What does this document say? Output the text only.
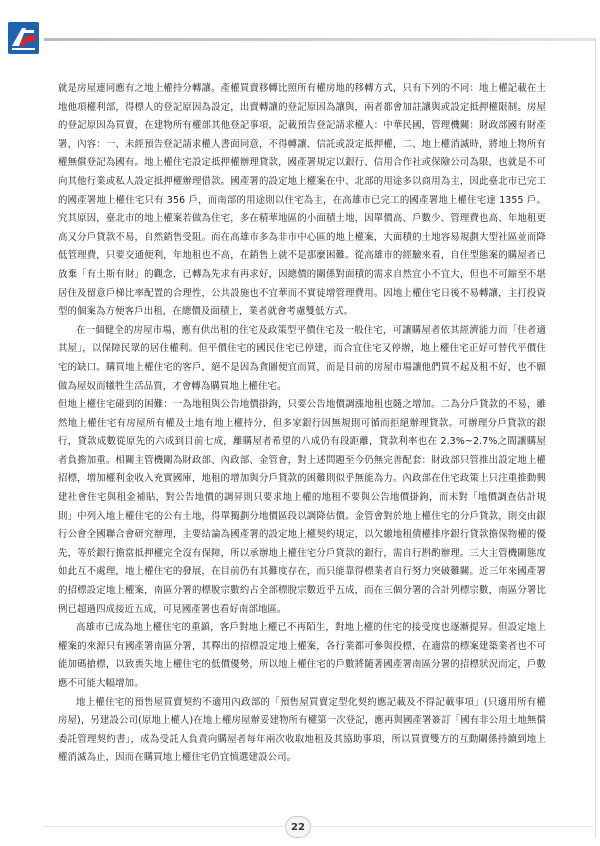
就是房屋連同應有之地上權持分轉讓。產權買賣移轉比照所有權房地的移轉方式，只有下列的不同：地上權記載在土地他項權利部，得標人的登記原因為設定，出賣轉讓的登記原因為讓與，兩者都會加註讓與或設定抵押權限制。房屋的登記原因為買賣，在建物所有權部其他登記事項，記載預告登記請求權人：中華民國，管理機關：財政部國有財產署，內容：一、未經預告登記請求權人書面同意，不得轉讓、信託或設定抵押權，二、地上權消滅時，將地上物所有權無償登記為國有。地上權住宅設定抵押權辦理貸款，國產署規定以銀行、信用合作社或保險公司為限，也就是不可向其他行業或私人設定抵押權辦理借款。國產署的設定地上權案在中、北部的用途多以商用為主，因此臺北市已完工的國產署地上權住宅只有 356 戶，而南部的用途則以住宅為主，在高雄市已完工的國產署地上權住宅達 1355 戶。究其原因，臺北市的地上權案若做為住宅，多在精華地區的小面積土地，因單價高、戶數少、管理費也高、年地租更高又分戶貸款不易，自然銷售受阻。而在高雄市多為非市中心區的地上權案，大面積的土地容易規劃大型社區並而降低管理費，只要交通便利，年地租也不高，在銷售上就不是那麼困難。從高雄市的經驗來看，自住型態案的購屋者已放棄「有土斯有財」的觀念，已轉為先求有再求好，因總價的關係對面積的需求自然宜小不宜大，但也不可縮至不堪居住及留意戶梯比率配置的合理性，公共設施也不宜華而不實徒增管理費用。因地上權住宅日後不易轉讓，主打投資型的個案為方便客戶出租，在總價及面積上，業者就會考慮雙低方式。

在一個健全的房屋市場，應有供出租的住宅及政策型平價住宅及一般住宅，可讓購屋者依其經濟能力而「住者適其屋」，以保障民眾的居住權利。但平價住宅的國民住宅已停建，而合宜住宅又停辦，地上權住宅正好可替代平價住宅的缺口。購買地上權住宅的客戶，絕不是因為貪圖便宜而買，而是目前的房屋市場讓他們買不起及租不好，也不願做為屋奴而犧牲生活品質，才會轉為購買地上權住宅。

但地上權住宅碰到的困難：一為地租與公告地價掛鉤，只要公告地價調漲地租也隨之增加。二為分戶貸款的不易，雖然地上權住宅有房屋所有權及土地有地上權持分，但多家銀行因無規則可循而拒絕辦理貸款。可辦理分戶貸款的銀行，貸款成數從原先的六成到目前七成，離購屋者希望的八成仍有段距離，貸款利率也在 2.3%~2.7%之間讓購屋者負擔加重。相關主管機關為財政部、內政部、金管會，對上述問題至今仍無完善配套：財政部只管推出設定地上權招標，增加權利金收入充實國庫，地租的增加與分戶貸款的困難則似乎無能為力。內政部在住宅政策上只注重推動興建社會住宅與租金補貼，對公告地價的調昇則只要求地上權的地租不要與公告地價掛鉤，而未對「地價調查估計規則」中列入地上權住宅的公有土地，得單獨劃分地價區段以調降估價。金管會對於地上權住宅的分戶貸款，則交由銀行公會全國聯合會研究辦理，主要結論為國產署的設定地上權契約規定，以欠繳地租債權排序銀行貸款擔保物權的優先，等於銀行擔當抵押權完全沒有保障，所以承辦地上權住宅分戶貸款的銀行，需自行斟酌辦理。三大主管機關態度如此互不處理，地上權住宅的發展，在目前仍有其難度存在，而只能靠得標業者自行努力突破難關。近三年來國產署的招標設定地上權案，南區分署的標脫宗數約占全部標脫宗數近乎五成，而在三個分署的合計列標宗數，南區分署比例已超過四成接近五成，可見國產署也看好南部地區。

高雄市已成為地上權住宅的重鎮，客戶對地上權已不再陌生，對地上權的住宅的接受度也逐漸提昇。但設定地上權案的來源只有國產署南區分署，其釋出的招標設定地上權案，各行業都可參與投標，在適當的標案建築業者也不可能加碼搶標，以致喪失地上權住宅的低價優勢，所以地上權住宅的戶數將隨著國產署南區分署的招標狀況而定，戶數應不可能大幅增加。

地上權住宅的預售屋買賣契約不適用內政部的「預售屋買賣定型化契約應記載及不得記載事項」(只適用所有權房屋)，另建設公司(原地上權人)在地上權房屋辦妥建物所有權第一次登記，應再與國產署簽訂「國有非公用土地無償委託管理契約書」，成為受託人負責向購屋者每年兩次收取地租及其協助事項，所以買賣雙方的互動關係持續到地上權消滅為止，因而在購買地上權住宅仍宜慎選建設公司。

22
